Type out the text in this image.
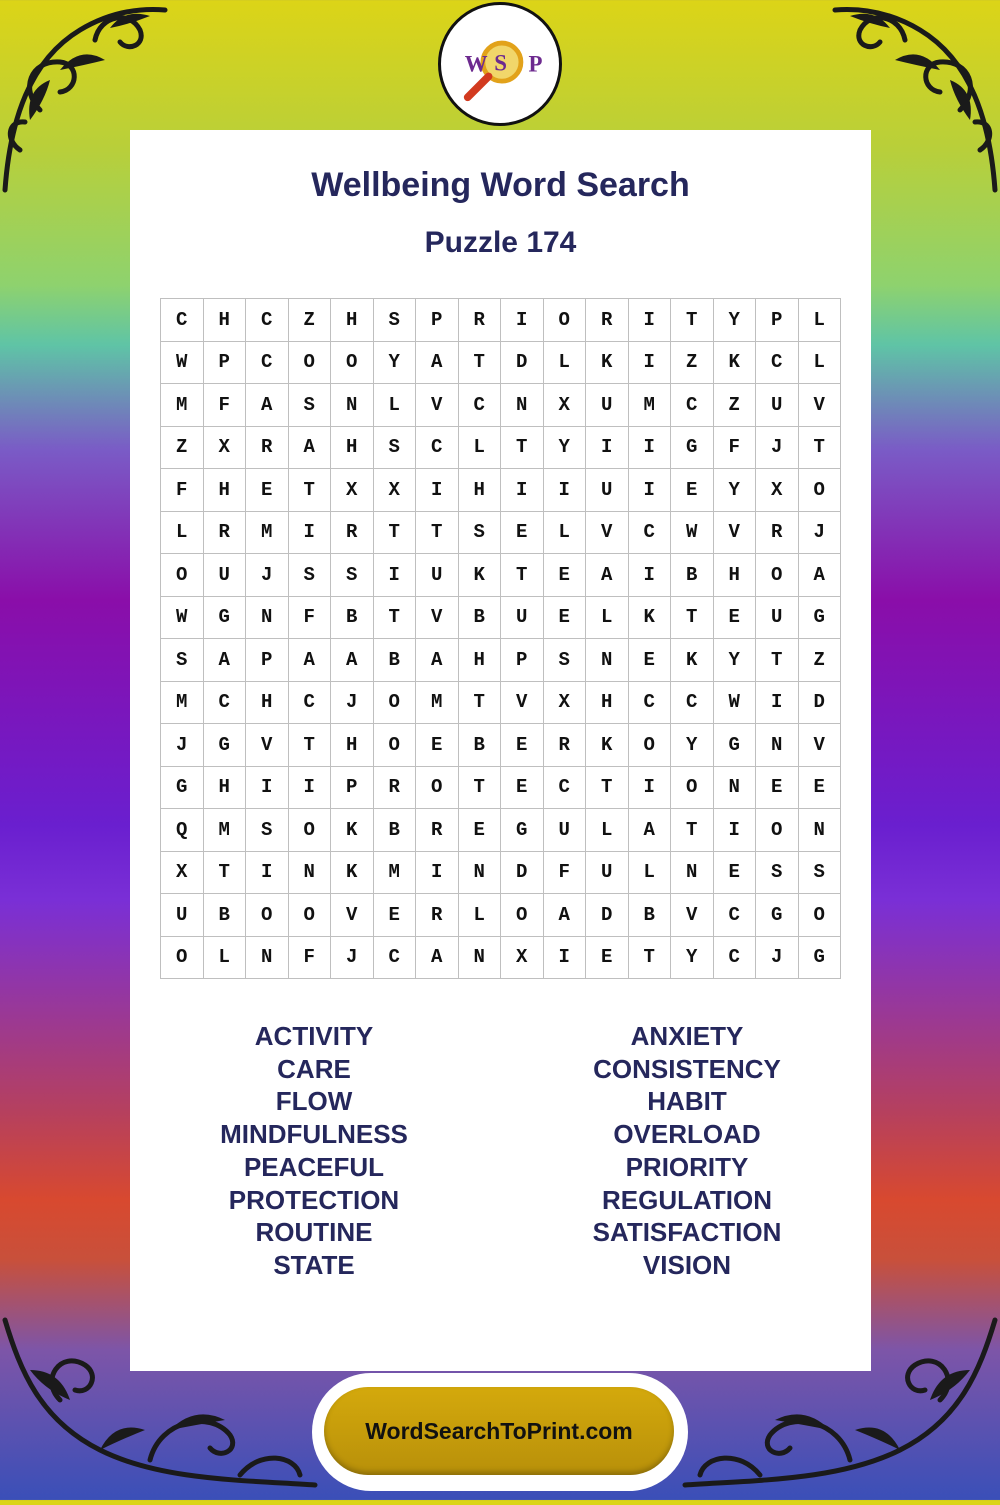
W S P
Wellbeing Word Search
Puzzle 174
C	H	C	Z	H	S	P	R	I	O	R	I	T	Y	P	L
W	P	C	O	O	Y	A	T	D	L	K	I	Z	K	C	L
M	F	A	S	N	L	V	C	N	X	U	M	C	Z	U	V
Z	X	R	A	H	S	C	L	T	Y	I	I	G	F	J	T
F	H	E	T	X	X	I	H	I	I	U	I	E	Y	X	O
L	R	M	I	R	T	T	S	E	L	V	C	W	V	R	J
O	U	J	S	S	I	U	K	T	E	A	I	B	H	O	A
W	G	N	F	B	T	V	B	U	E	L	K	T	E	U	G
S	A	P	A	A	B	A	H	P	S	N	E	K	Y	T	Z
M	C	H	C	J	O	M	T	V	X	H	C	C	W	I	D
J	G	V	T	H	O	E	B	E	R	K	O	Y	G	N	V
G	H	I	I	P	R	O	T	E	C	T	I	O	N	E	E
Q	M	S	O	K	B	R	E	G	U	L	A	T	I	O	N
X	T	I	N	K	M	I	N	D	F	U	L	N	E	S	S
U	B	O	O	V	E	R	L	O	A	D	B	V	C	G	O
O	L	N	F	J	C	A	N	X	I	E	T	Y	C	J	G
ACTIVITY
CARE
FLOW
MINDFULNESS
PEACEFUL
PROTECTION
ROUTINE
STATE
ANXIETY
CONSISTENCY
HABIT
OVERLOAD
PRIORITY
REGULATION
SATISFACTION
VISION
WordSearchToPrint.com
